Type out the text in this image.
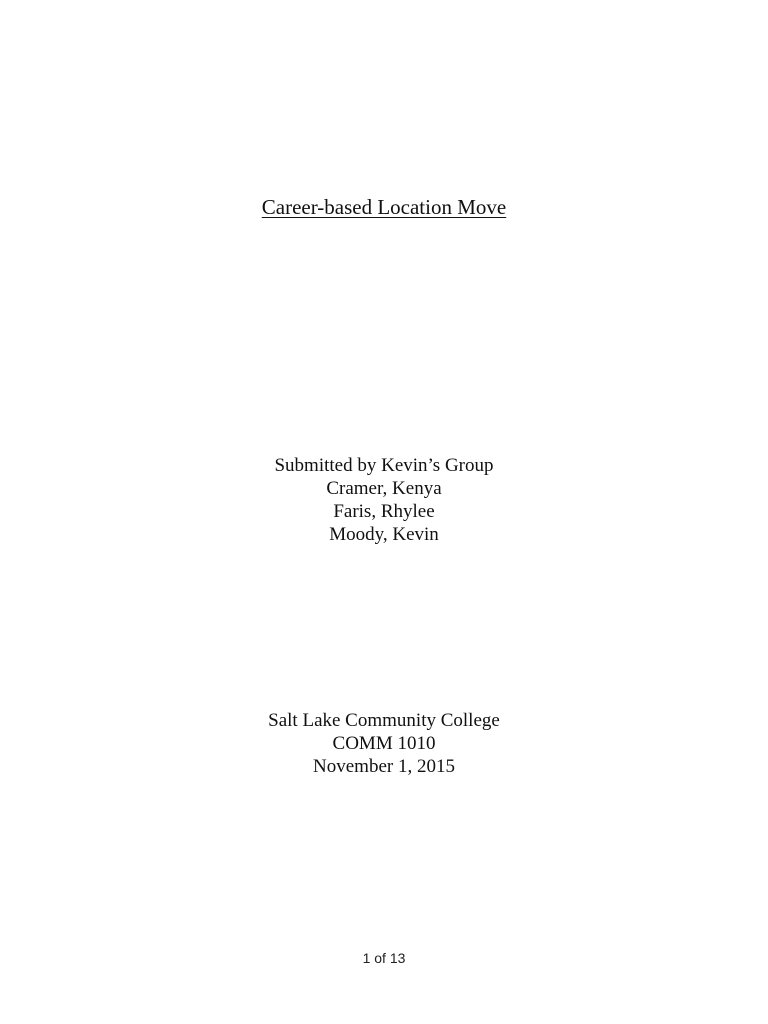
Career-based Location Move
Submitted by Kevin’s Group
Cramer, Kenya
Faris, Rhylee
Moody, Kevin
Salt Lake Community College
COMM 1010
November 1, 2015
1 of 13
